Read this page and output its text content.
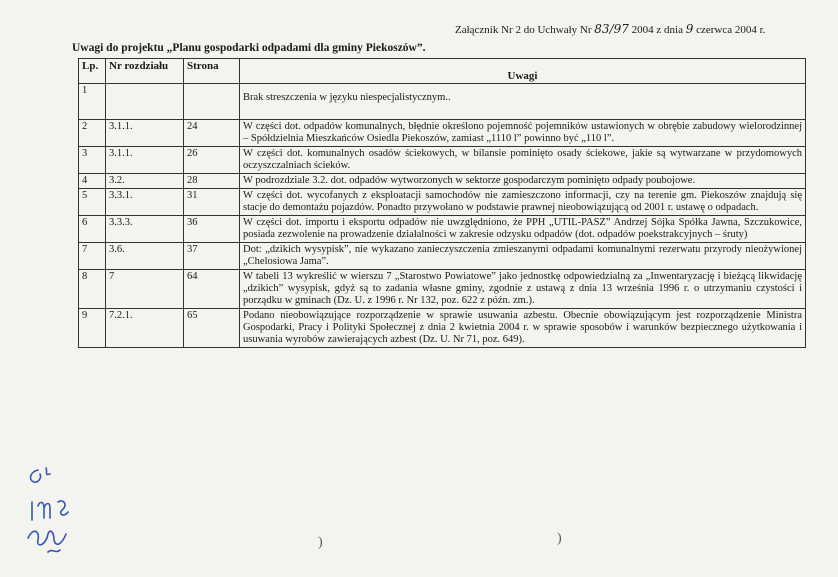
Załącznik Nr 2 do Uchwały Nr 83/97 2004 z dnia 9 czerwca 2004 r.
Uwagi do projektu „Planu gospodarki odpadami dla gminy Piekoszów”.
Lp.	Nr rozdziału	Strona	Uwagi
1			Brak streszczenia w języku niespecjalistycznym..
2	3.1.1.	24	W części dot. odpadów komunalnych, błędnie określono pojemność pojemników ustawionych w obrębie zabudowy wielorodzinnej – Spółdzielnia Mieszkańców Osiedla Piekoszów, zamiast „1110 l” powinno być „110 l”.
3	3.1.1.	26	W części dot. komunalnych osadów ściekowych, w bilansie pominięto osady ściekowe, jakie są wytwarzane w przydomowych oczyszczalniach ścieków.
4	3.2.	28	W podrozdziale 3.2. dot. odpadów wytworzonych w sektorze gospodarczym pominięto odpady poubojowe.
5	3.3.1.	31	W części dot. wycofanych z eksploatacji samochodów nie zamieszczono informacji, czy na terenie gm. Piekoszów znajdują się stacje do demontażu pojazdów. Ponadto przywołano w podstawie prawnej nieobowiązującą od 2001 r. ustawę o odpadach.
6	3.3.3.	36	W części dot. importu i eksportu odpadów nie uwzględniono, że PPH „UTIL-PASZ” Andrzej Sójka Spółka Jawna, Szczukowice, posiada zezwolenie na prowadzenie działalności w zakresie odzysku odpadów (dot. odpadów poekstrakcyjnych – śruty)
7	3.6.	37	Dot: „dzikich wysypisk”, nie wykazano zanieczyszczenia zmieszanymi odpadami komunalnymi rezerwatu przyrody nieożywionej „Chelosiowa Jama”.
8	7	64	W tabeli 13 wykreślić w wierszu 7 „Starostwo Powiatowe” jako jednostkę odpowiedzialną za „Inwentaryzację i bieżącą likwidację „dzikich” wysypisk, gdyż są to zadania własne gminy, zgodnie z ustawą z dnia 13 września 1996 r. o utrzymaniu czystości i porządku w gminach (Dz. U. z 1996 r. Nr 132, poz. 622 z późn. zm.).
9	7.2.1.	65	Podano nieobowiązujące rozporządzenie w sprawie usuwania azbestu. Obecnie obowiązującym jest rozporządzenie Ministra Gospodarki, Pracy i Polityki Społecznej z dnia 2 kwietnia 2004 r. w sprawie sposobów i warunków bezpiecznego użytkowania i usuwania wyrobów zawierających azbest (Dz. U. Nr 71, poz. 649).
)	)
